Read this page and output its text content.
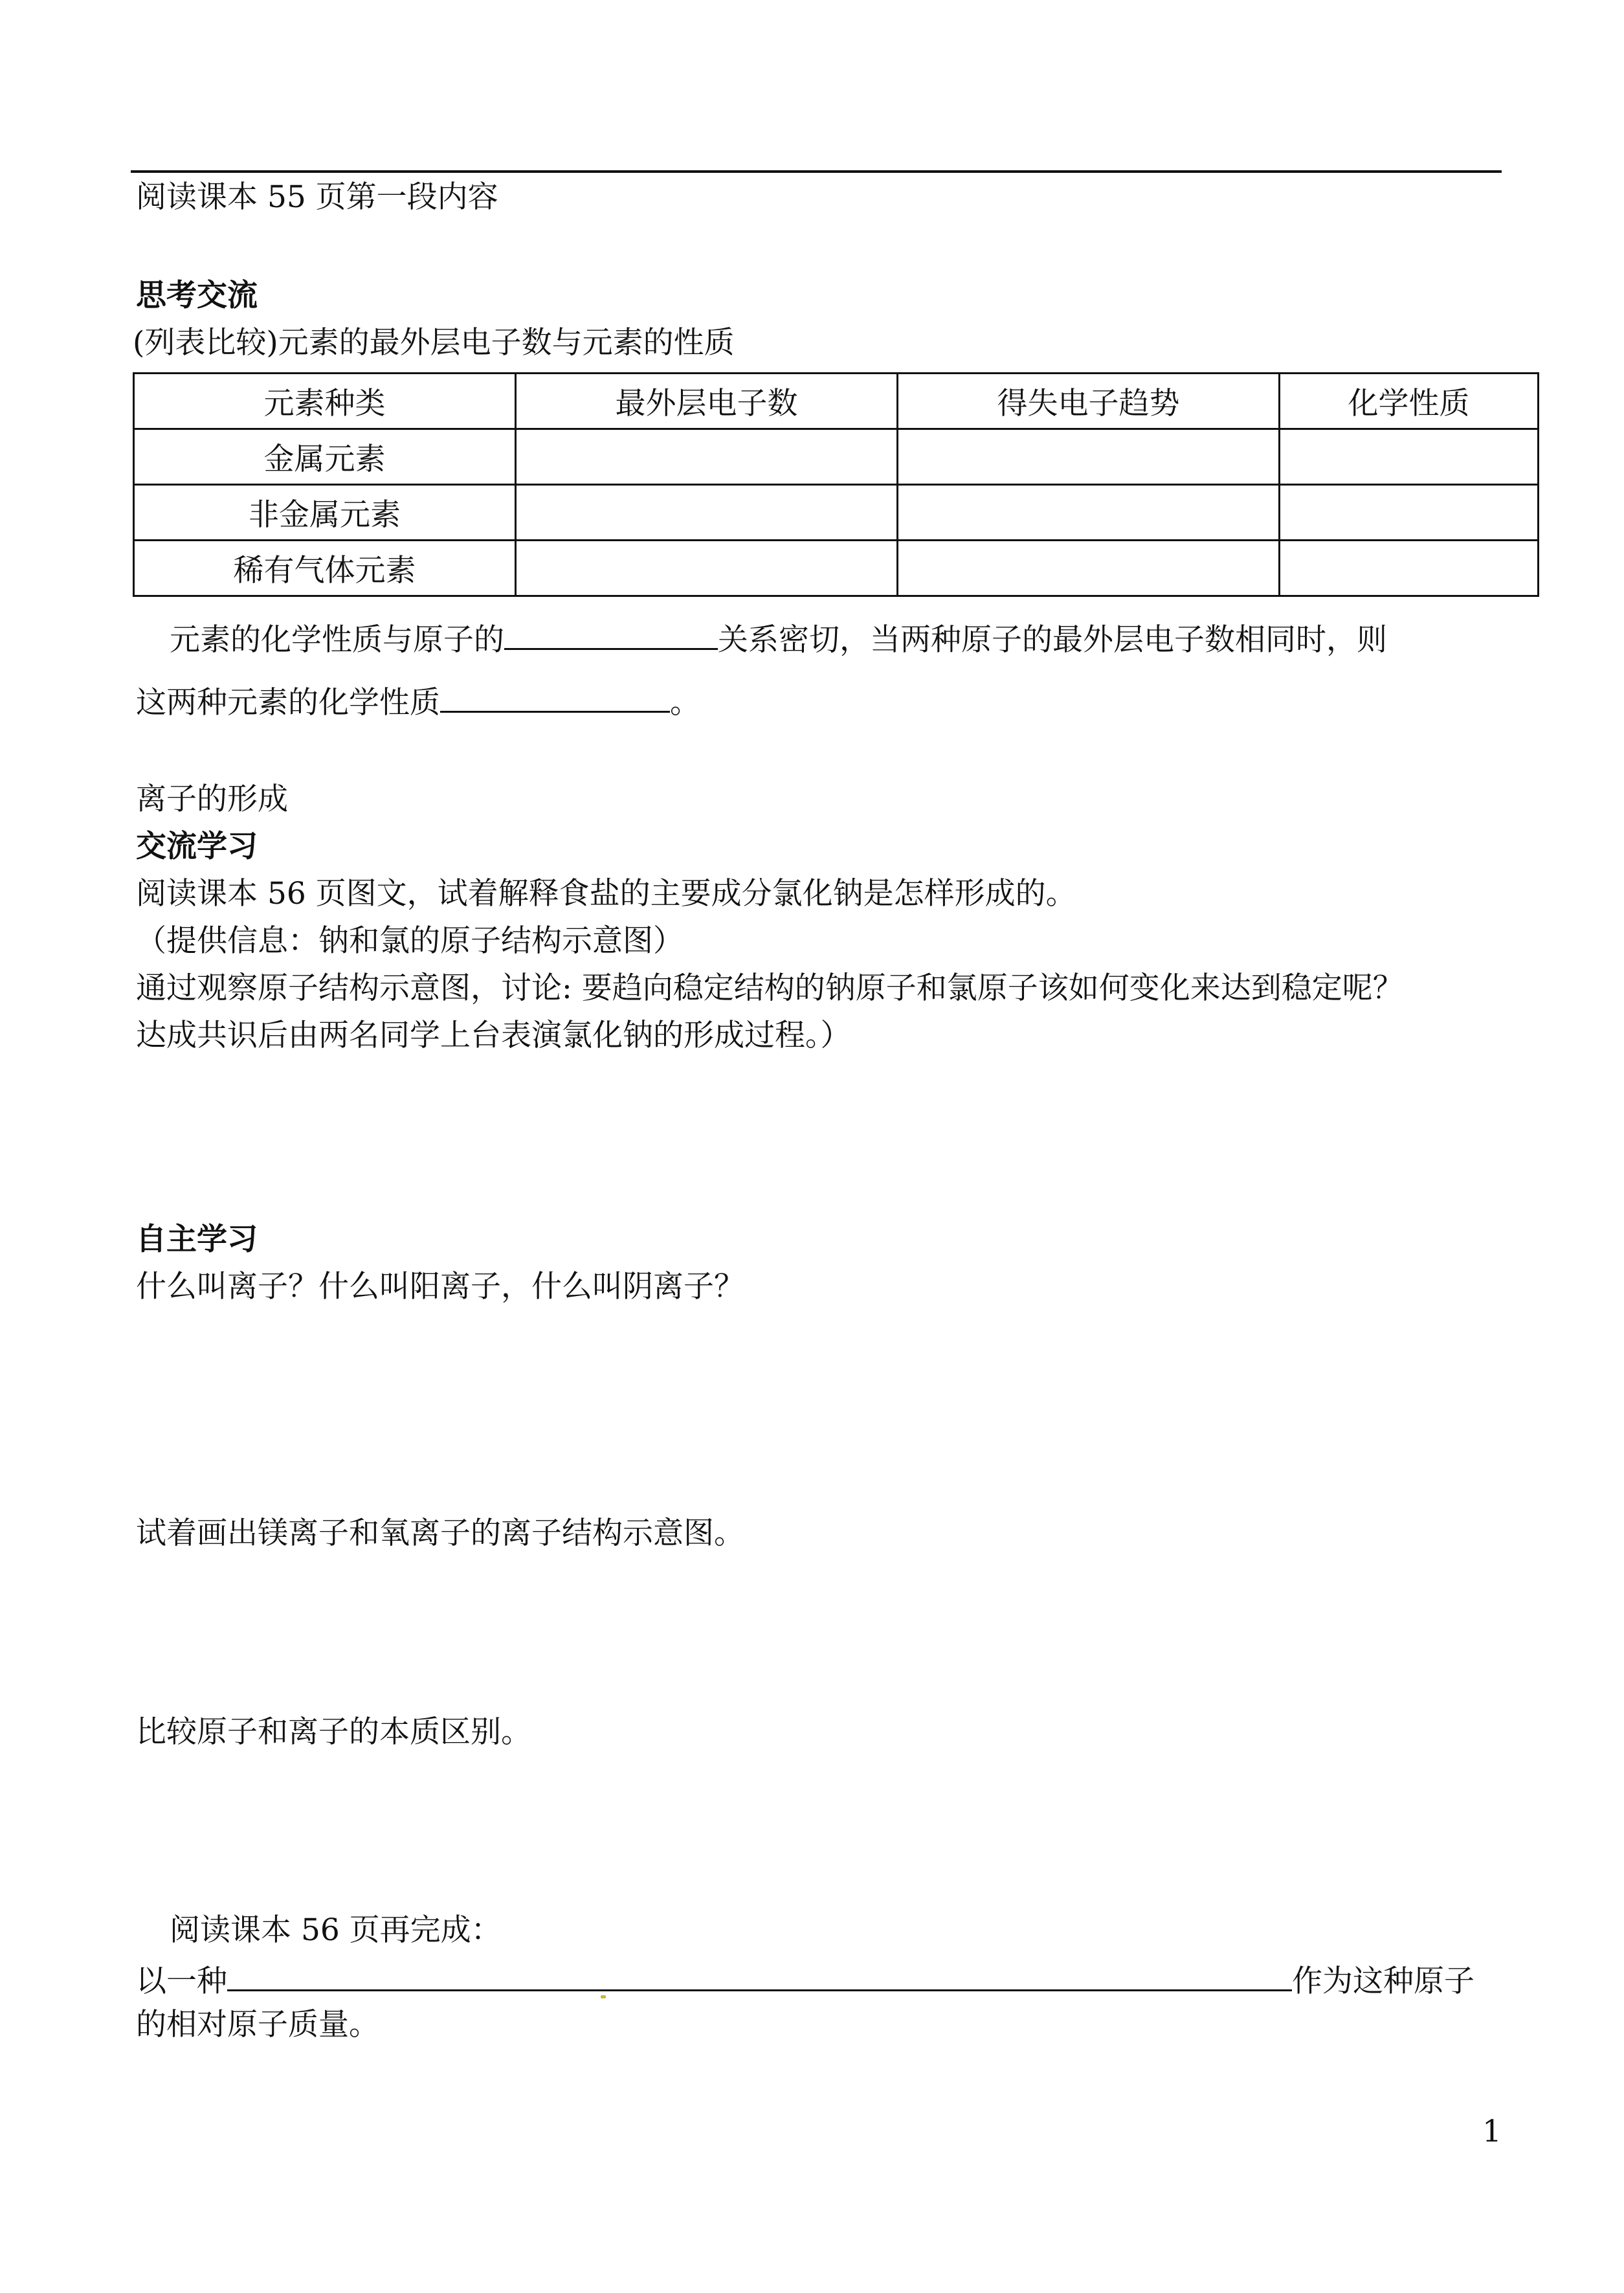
阅读课本 55 页第一段内容
思考交流
(列表比较)元素的最外层电子数与元素的性质
元素种类	最外层电子数	得失电子趋势	化学性质
金属元素			
非金属元素			
稀有气体元素			
元素的化学性质与原子的	关系密切，当两种原子的最外层电子数相同时，则
这两种元素的化学性质	。
离子的形成
交流学习
阅读课本 56 页图文，试着解释食盐的主要成分氯化钠是怎样形成的。
（提供信息：钠和氯的原子结构示意图）
通过观察原子结构示意图，讨论: 要趋向稳定结构的钠原子和氯原子该如何变化来达到稳定呢？
达成共识后由两名同学上台表演氯化钠的形成过程。）
自主学习
什么叫离子？什么叫阳离子，什么叫阴离子？
试着画出镁离子和氧离子的离子结构示意图。
比较原子和离子的本质区别。
阅读课本 56 页再完成：
以一种	作为这种原子
的相对原子质量。
1
